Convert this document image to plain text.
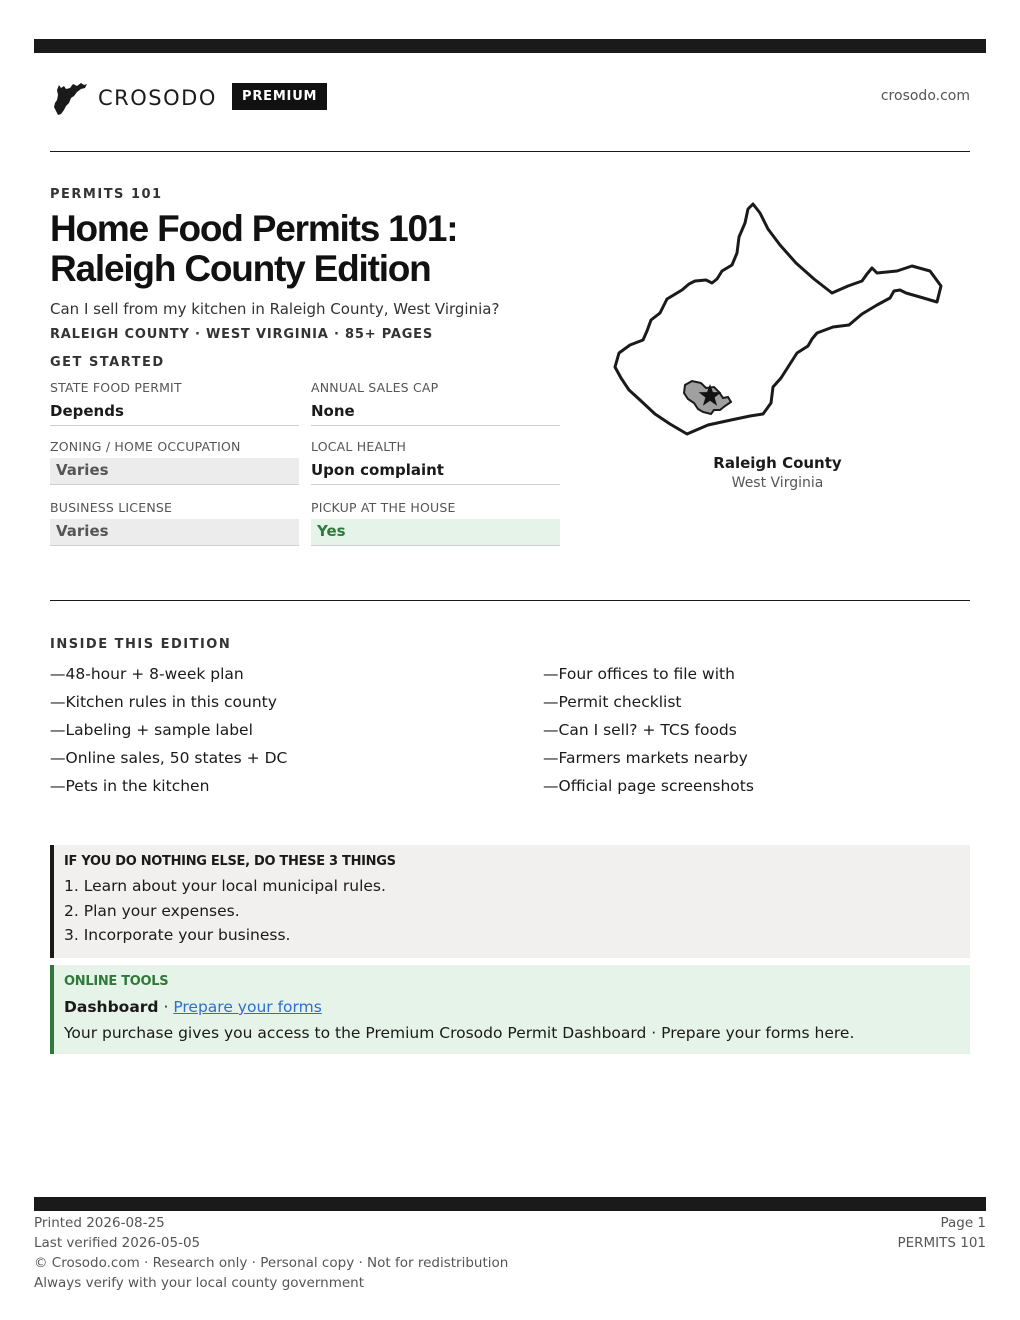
CROSODO	PREMIUM	crosodo.com
PERMITS 101
Home Food Permits 101: Raleigh County Edition
Can I sell from my kitchen in Raleigh County, West Virginia?
RALEIGH COUNTY · WEST VIRGINIA · 85+ PAGES
GET STARTED
STATE FOOD PERMIT
Depends
ANNUAL SALES CAP
None
ZONING / HOME OCCUPATION
Varies
LOCAL HEALTH
Upon complaint
BUSINESS LICENSE
Varies
PICKUP AT THE HOUSE
Yes
Raleigh County
West Virginia
INSIDE THIS EDITION
—48-hour + 8-week plan
—Kitchen rules in this county
—Labeling + sample label
—Online sales, 50 states + DC
—Pets in the kitchen
—Four offices to file with
—Permit checklist
—Can I sell? + TCS foods
—Farmers markets nearby
—Official page screenshots
IF YOU DO NOTHING ELSE, DO THESE 3 THINGS
1. Learn about your local municipal rules.
2. Plan your expenses.
3. Incorporate your business.
ONLINE TOOLS
Dashboard · Prepare your forms
Your purchase gives you access to the Premium Crosodo Permit Dashboard · Prepare your forms here.
Printed 2026-08-25
Last verified 2026-05-05
© Crosodo.com · Research only · Personal copy · Not for redistribution
Always verify with your local county government
Page 1
PERMITS 101
